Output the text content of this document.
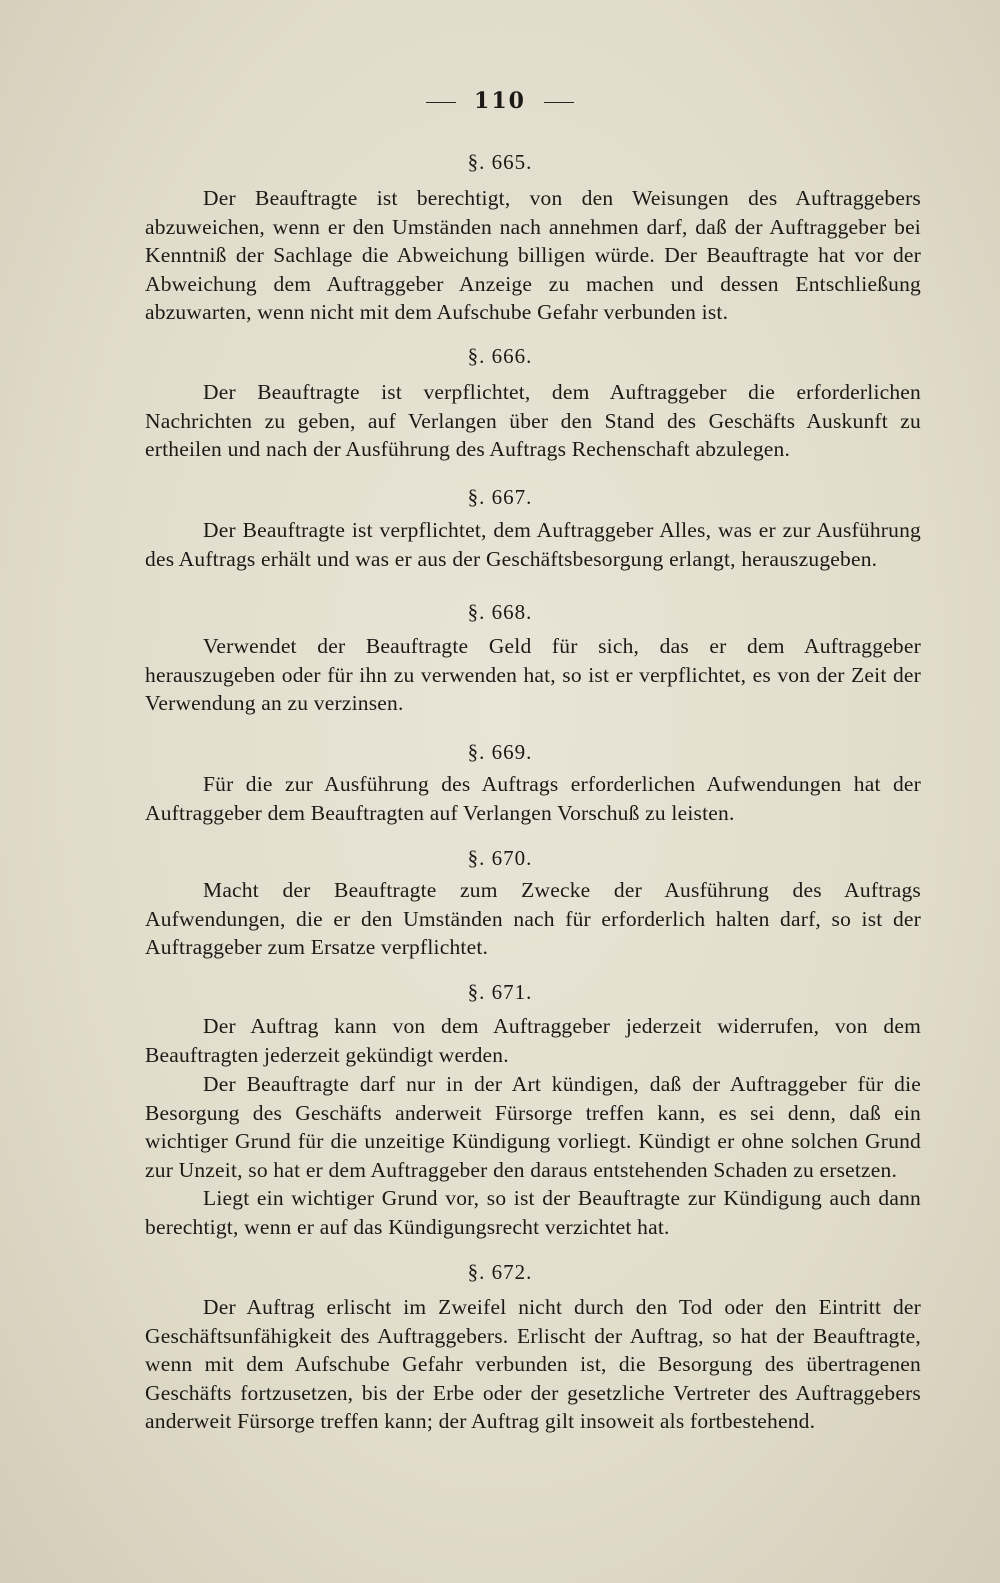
110
§. 665.
Der Beauftragte ist berechtigt, von den Weisungen des Auftraggebers abzuweichen, wenn er den Umständen nach annehmen darf, daß der Auftraggeber bei Kenntniß der Sachlage die Abweichung billigen würde. Der Beauftragte hat vor der Abweichung dem Auftraggeber Anzeige zu machen und dessen Entschließung abzuwarten, wenn nicht mit dem Aufschube Gefahr verbunden ist.
§. 666.
Der Beauftragte ist verpflichtet, dem Auftraggeber die erforderlichen Nachrichten zu geben, auf Verlangen über den Stand des Geschäfts Auskunft zu ertheilen und nach der Ausführung des Auftrags Rechenschaft abzulegen.
§. 667.
Der Beauftragte ist verpflichtet, dem Auftraggeber Alles, was er zur Ausführung des Auftrags erhält und was er aus der Geschäftsbesorgung erlangt, herauszugeben.
§. 668.
Verwendet der Beauftragte Geld für sich, das er dem Auftraggeber herauszugeben oder für ihn zu verwenden hat, so ist er verpflichtet, es von der Zeit der Verwendung an zu verzinsen.
§. 669.
Für die zur Ausführung des Auftrags erforderlichen Aufwendungen hat der Auftraggeber dem Beauftragten auf Verlangen Vorschuß zu leisten.
§. 670.
Macht der Beauftragte zum Zwecke der Ausführung des Auftrags Aufwendungen, die er den Umständen nach für erforderlich halten darf, so ist der Auftraggeber zum Ersatze verpflichtet.
§. 671.
Der Auftrag kann von dem Auftraggeber jederzeit widerrufen, von dem Beauftragten jederzeit gekündigt werden.
Der Beauftragte darf nur in der Art kündigen, daß der Auftraggeber für die Besorgung des Geschäfts anderweit Fürsorge treffen kann, es sei denn, daß ein wichtiger Grund für die unzeitige Kündigung vorliegt. Kündigt er ohne solchen Grund zur Unzeit, so hat er dem Auftraggeber den daraus entstehenden Schaden zu ersetzen.
Liegt ein wichtiger Grund vor, so ist der Beauftragte zur Kündigung auch dann berechtigt, wenn er auf das Kündigungsrecht verzichtet hat.
§. 672.
Der Auftrag erlischt im Zweifel nicht durch den Tod oder den Eintritt der Geschäftsunfähigkeit des Auftraggebers. Erlischt der Auftrag, so hat der Beauftragte, wenn mit dem Aufschube Gefahr verbunden ist, die Besorgung des übertragenen Geschäfts fortzusetzen, bis der Erbe oder der gesetzliche Vertreter des Auftraggebers anderweit Fürsorge treffen kann; der Auftrag gilt insoweit als fortbestehend.
